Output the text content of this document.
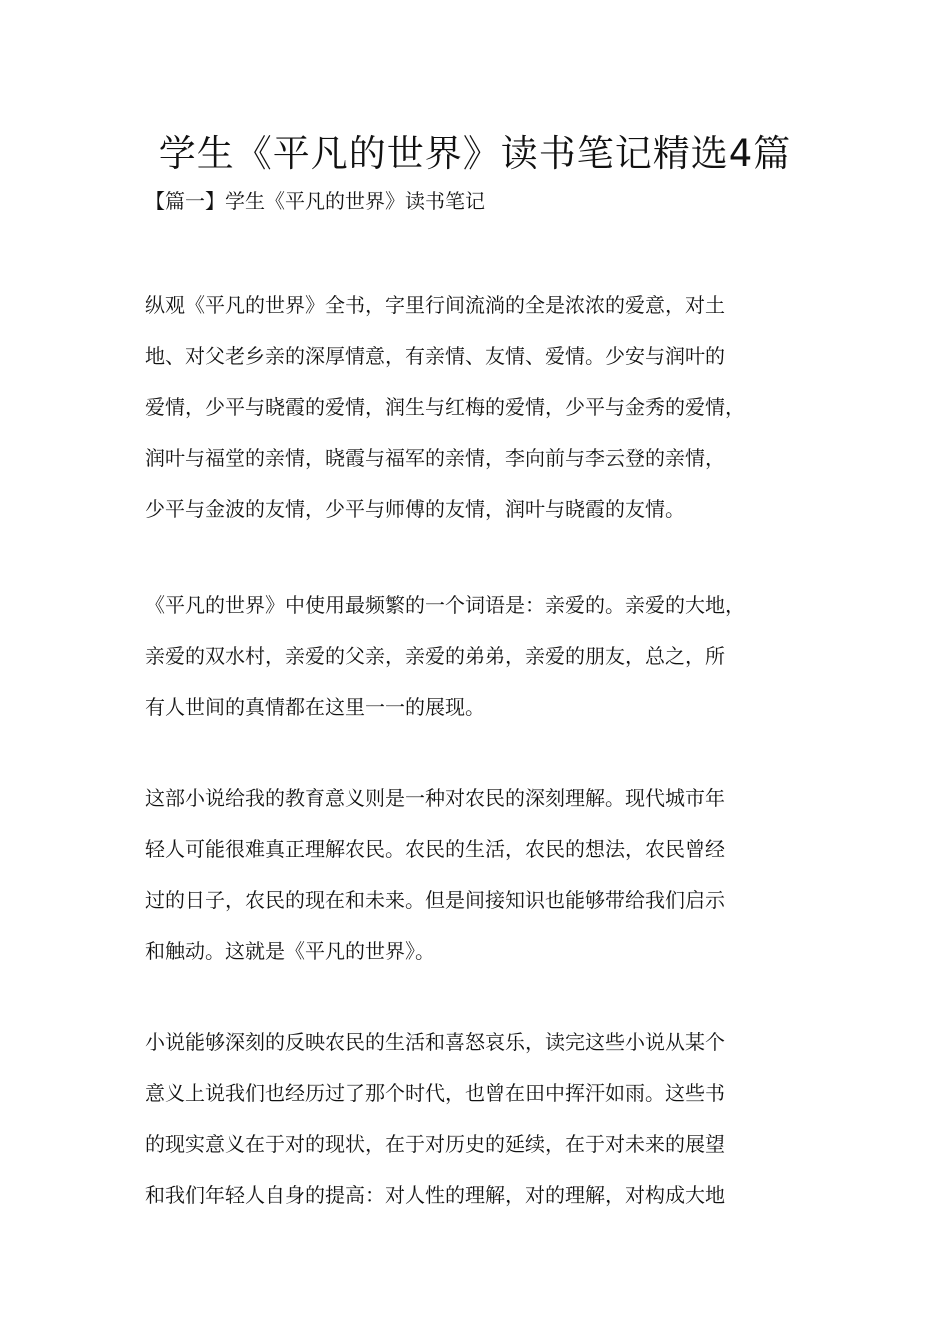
学生《平凡的世界》读书笔记精选4篇

【篇一】学生《平凡的世界》读书笔记

纵观《平凡的世界》全书，字里行间流淌的全是浓浓的爱意，对土
地、对父老乡亲的深厚情意，有亲情、友情、爱情。少安与润叶的
爱情，少平与晓霞的爱情，润生与红梅的爱情，少平与金秀的爱情，
润叶与福堂的亲情，晓霞与福军的亲情，李向前与李云登的亲情，
少平与金波的友情，少平与师傅的友情，润叶与晓霞的友情。

《平凡的世界》中使用最频繁的一个词语是：亲爱的。亲爱的大地，
亲爱的双水村，亲爱的父亲，亲爱的弟弟，亲爱的朋友，总之，所
有人世间的真情都在这里一一的展现。

这部小说给我的教育意义则是一种对农民的深刻理解。现代城市年
轻人可能很难真正理解农民。农民的生活，农民的想法，农民曾经
过的日子，农民的现在和未来。但是间接知识也能够带给我们启示
和触动。这就是《平凡的世界》。

小说能够深刻的反映农民的生活和喜怒哀乐，读完这些小说从某个
意义上说我们也经历过了那个时代，也曾在田中挥汗如雨。这些书
的现实意义在于对的现状，在于对历史的延续，在于对未来的展望
和我们年轻人自身的提高：对人性的理解，对的理解，对构成大地
